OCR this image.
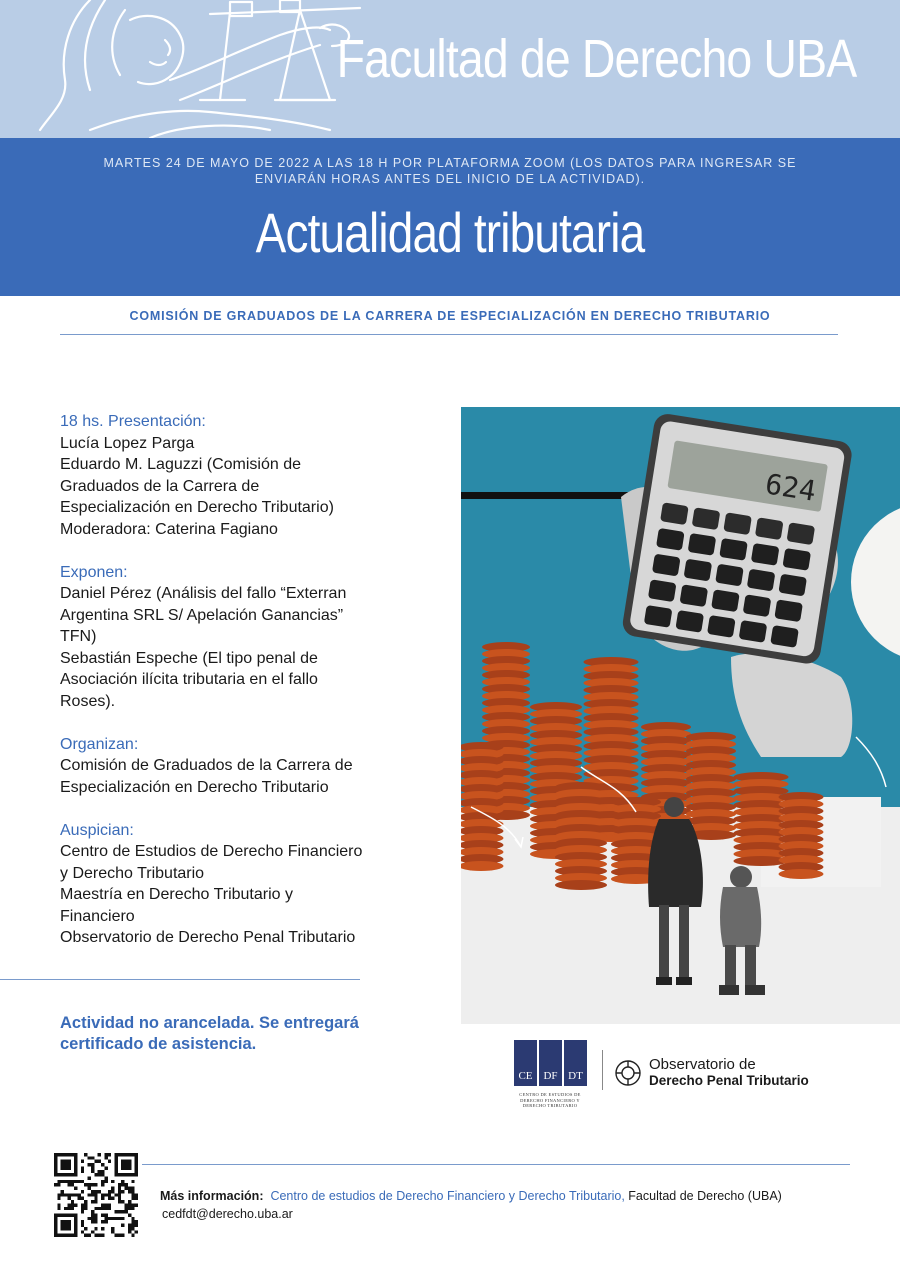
Facultad de Derecho UBA
MARTES 24 DE MAYO DE 2022 A LAS 18 H POR PLATAFORMA ZOOM (LOS DATOS PARA INGRESAR SE ENVIARÁN HORAS ANTES DEL INICIO DE LA ACTIVIDAD).
Actualidad tributaria
COMISIÓN DE GRADUADOS DE LA CARRERA DE ESPECIALIZACIÓN EN DERECHO TRIBUTARIO
18 hs. Presentación:
Lucía Lopez Parga
Eduardo M. Laguzzi (Comisión de
Graduados de la Carrera de
Especialización en Derecho Tributario)
Moderadora: Caterina Fagiano
Exponen:
Daniel Pérez (Análisis del fallo “Exterran
Argentina SRL S/ Apelación Ganancias”
TFN)
Sebastián Espeche (El tipo penal de
Asociación ilícita tributaria en el fallo
Roses).
Organizan:
Comisión de Graduados de la Carrera de
Especialización en Derecho Tributario
Auspician:
Centro de Estudios de Derecho Financiero
y Derecho Tributario
Maestría en Derecho Tributario y
Financiero
Observatorio de Derecho Penal Tributario
Actividad no arancelada. Se entregará certificado de asistencia.
624
CE DF DT
CENTRO DE ESTUDIOS DE DERECHO FINANCIERO Y DERECHO TRIBUTARIO
Observatorio de
Derecho Penal Tributario
Más información: Centro de estudios de Derecho Financiero y Derecho Tributario, Facultad de Derecho (UBA)
cedfdt@derecho.uba.ar
